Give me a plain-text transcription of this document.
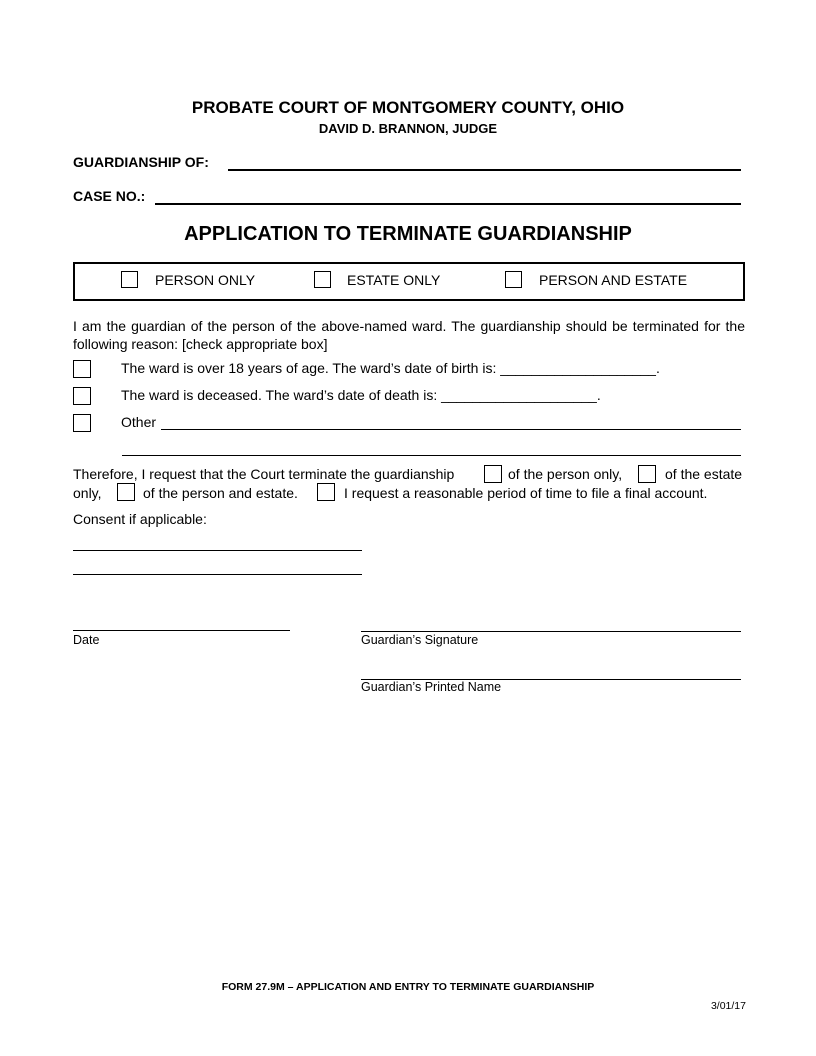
PROBATE COURT OF MONTGOMERY COUNTY, OHIO
DAVID D. BRANNON, JUDGE
GUARDIANSHIP OF:
CASE NO.:
APPLICATION TO TERMINATE GUARDIANSHIP
PERSON ONLY	ESTATE ONLY	PERSON AND ESTATE
I am the guardian of the person of the above-named ward. The guardianship should be terminated for the following reason: [check appropriate box]
The ward is over 18 years of age. The ward’s date of birth is: ____________________.
The ward is deceased. The ward’s date of death is: ____________________.
Other
Therefore, I request that the Court terminate the guardianship	of the person only,	of the estate
only,	of the person and estate.	I request a reasonable period of time to file a final account.
Consent if applicable:
Date	Guardian’s Signature
Guardian’s Printed Name
FORM 27.9M – APPLICATION AND ENTRY TO TERMINATE GUARDIANSHIP
3/01/17
